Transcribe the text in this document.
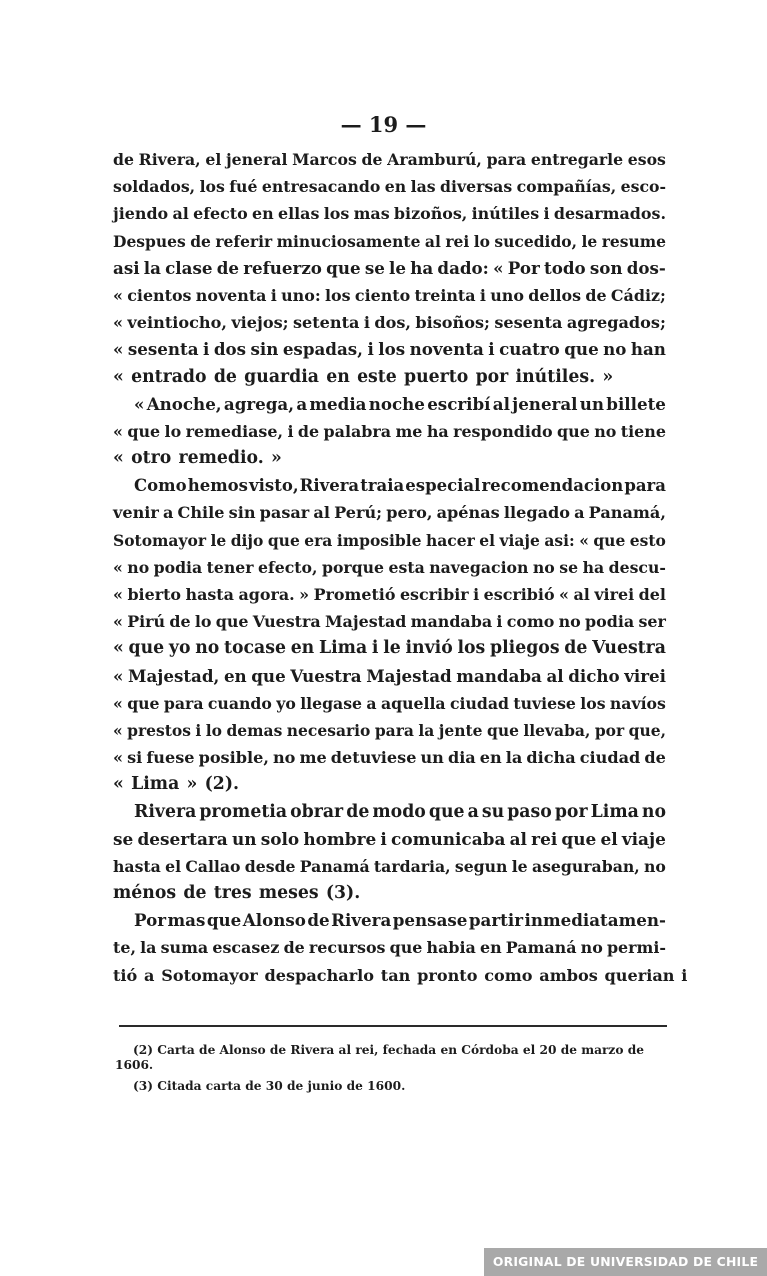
— 19 —
de Rivera, el jeneral Marcos de Aramburú, para entregarle esos
soldados, los fué entresacando en las diversas compañías, esco-
jiendo al efecto en ellas los mas bizoños, inútiles i desarmados.
Despues de referir minuciosamente al rei lo sucedido, le resume
asi la clase de refuerzo que se le ha dado: « Por todo son dos-
« cientos noventa i uno: los ciento treinta i uno dellos de Cádiz;
« veintiocho, viejos; setenta i dos, bisoños; sesenta agregados;
« sesenta i dos sin espadas, i los noventa i cuatro que no han
« entrado de guardia en este puerto por inútiles. »
« Anoche, agrega, a media noche escribí al jeneral un billete
« que lo remediase, i de palabra me ha respondido que no tiene
« otro remedio. »
Como hemos visto, Rivera traia especial recomendacion para
venir a Chile sin pasar al Perú; pero, apénas llegado a Panamá,
Sotomayor le dijo que era imposible hacer el viaje asi: « que esto
« no podia tener efecto, porque esta navegacion no se ha descu-
« bierto hasta agora. » Prometió escribir i escribió « al virei del
« Pirú de lo que Vuestra Majestad mandaba i como no podia ser
« que yo no tocase en Lima i le invió los pliegos de Vuestra
« Majestad, en que Vuestra Majestad mandaba al dicho virei
« que para cuando yo llegase a aquella ciudad tuviese los navíos
« prestos i lo demas necesario para la jente que llevaba, por que,
« si fuese posible, no me detuviese un dia en la dicha ciudad de
« Lima » (2).
Rivera prometia obrar de modo que a su paso por Lima no
se desertara un solo hombre i comunicaba al rei que el viaje
hasta el Callao desde Panamá tardaria, segun le aseguraban, no
ménos de tres meses (3).
Por mas que Alonso de Rivera pensase partir inmediatamen-
te, la suma escasez de recursos que habia en Pamaná no permi-
tió a Sotomayor despacharlo tan pronto como ambos querian i
(2) Carta de Alonso de Rivera al rei, fechada en Córdoba el 20 de marzo de 1606.
(3) Citada carta de 30 de junio de 1600.
ORIGINAL DE UNIVERSIDAD DE CHILE
